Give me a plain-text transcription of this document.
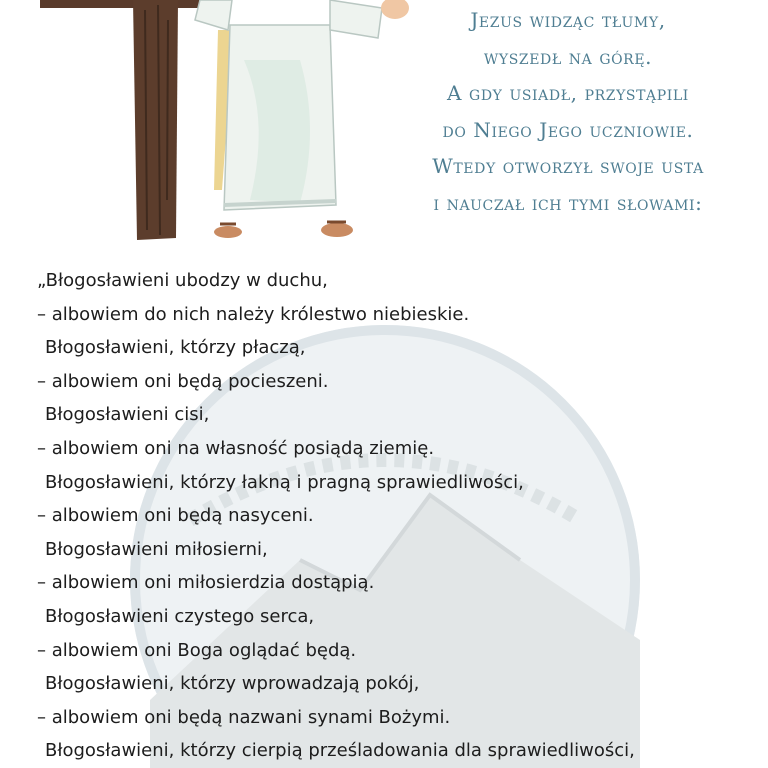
Jezus widząc tłumy,
wyszedł na górę.
A gdy usiadł, przystąpili
do Niego Jego uczniowie.
Wtedy otworzył swoje usta
i nauczał ich tymi słowami:
„Błogosławieni ubodzy w duchu,
– albowiem do nich należy królestwo niebieskie.
Błogosławieni, którzy płaczą,
– albowiem oni będą pocieszeni.
Błogosławieni cisi,
– albowiem oni na własność posiądą ziemię.
Błogosławieni, którzy łakną i pragną sprawiedliwości,
– albowiem oni będą nasyceni.
Błogosławieni miłosierni,
– albowiem oni miłosierdzia dostąpią.
Błogosławieni czystego serca,
– albowiem oni Boga oglądać będą.
Błogosławieni, którzy wprowadzają pokój,
– albowiem oni będą nazwani synami Bożymi.
Błogosławieni, którzy cierpią prześladowania dla sprawiedliwości,
